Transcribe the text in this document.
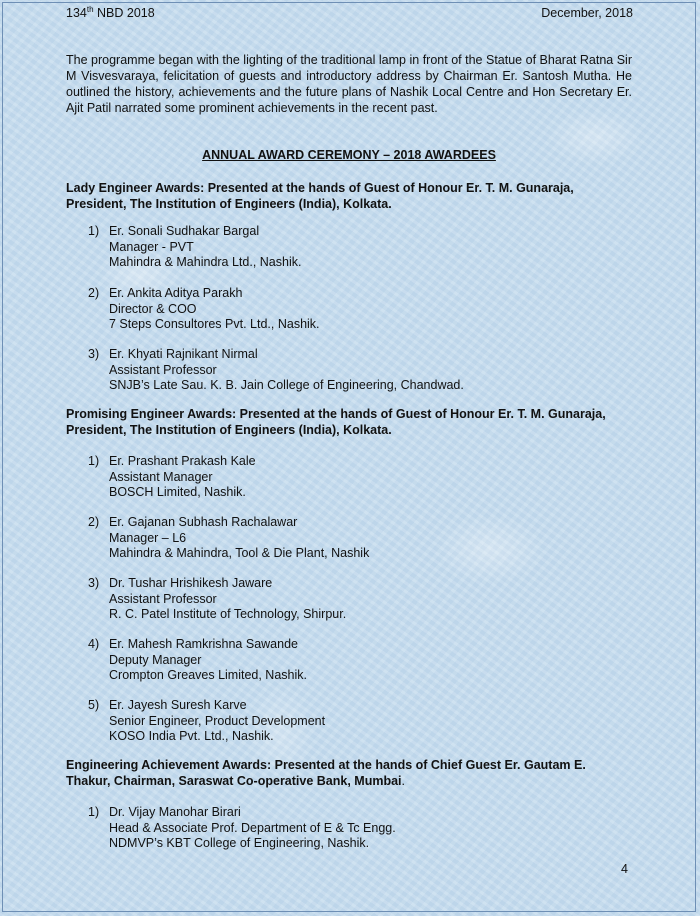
134th NBD 2018	December, 2018

The programme began with the lighting of the traditional lamp in front of the Statue of Bharat Ratna Sir M Visvesvaraya, felicitation of guests and introductory address by Chairman Er. Santosh Mutha. He outlined the history, achievements and the future plans of Nashik Local Centre and Hon Secretary Er. Ajit Patil narrated some prominent achievements in the recent past.

ANNUAL AWARD CEREMONY – 2018 AWARDEES

Lady Engineer Awards: Presented at the hands of Guest of Honour Er. T. M. Gunaraja, President, The Institution of Engineers (India), Kolkata.

1) Er. Sonali Sudhakar Bargal
Manager - PVT
Mahindra & Mahindra Ltd., Nashik.
2) Er. Ankita Aditya Parakh
Director & COO
7 Steps Consultores Pvt. Ltd., Nashik.
3) Er. Khyati Rajnikant Nirmal
Assistant Professor
SNJB’s Late Sau. K. B. Jain College of Engineering, Chandwad.

Promising Engineer Awards: Presented at the hands of Guest of Honour Er. T. M. Gunaraja, President, The Institution of Engineers (India), Kolkata.

1) Er. Prashant Prakash Kale
Assistant Manager
BOSCH Limited, Nashik.
2) Er. Gajanan Subhash Rachalawar
Manager – L6
Mahindra & Mahindra, Tool & Die Plant, Nashik
3) Dr. Tushar Hrishikesh Jaware
Assistant Professor
R. C. Patel Institute of Technology, Shirpur.
4) Er. Mahesh Ramkrishna Sawande
Deputy Manager
Crompton Greaves Limited, Nashik.
5) Er. Jayesh Suresh Karve
Senior Engineer, Product Development
KOSO India Pvt. Ltd., Nashik.

Engineering Achievement Awards: Presented at the hands of Chief Guest Er. Gautam E. Thakur, Chairman, Saraswat Co-operative Bank, Mumbai.

1) Dr. Vijay Manohar Birari
Head & Associate Prof. Department of E & Tc Engg.
NDMVP’s KBT College of Engineering, Nashik.
4
